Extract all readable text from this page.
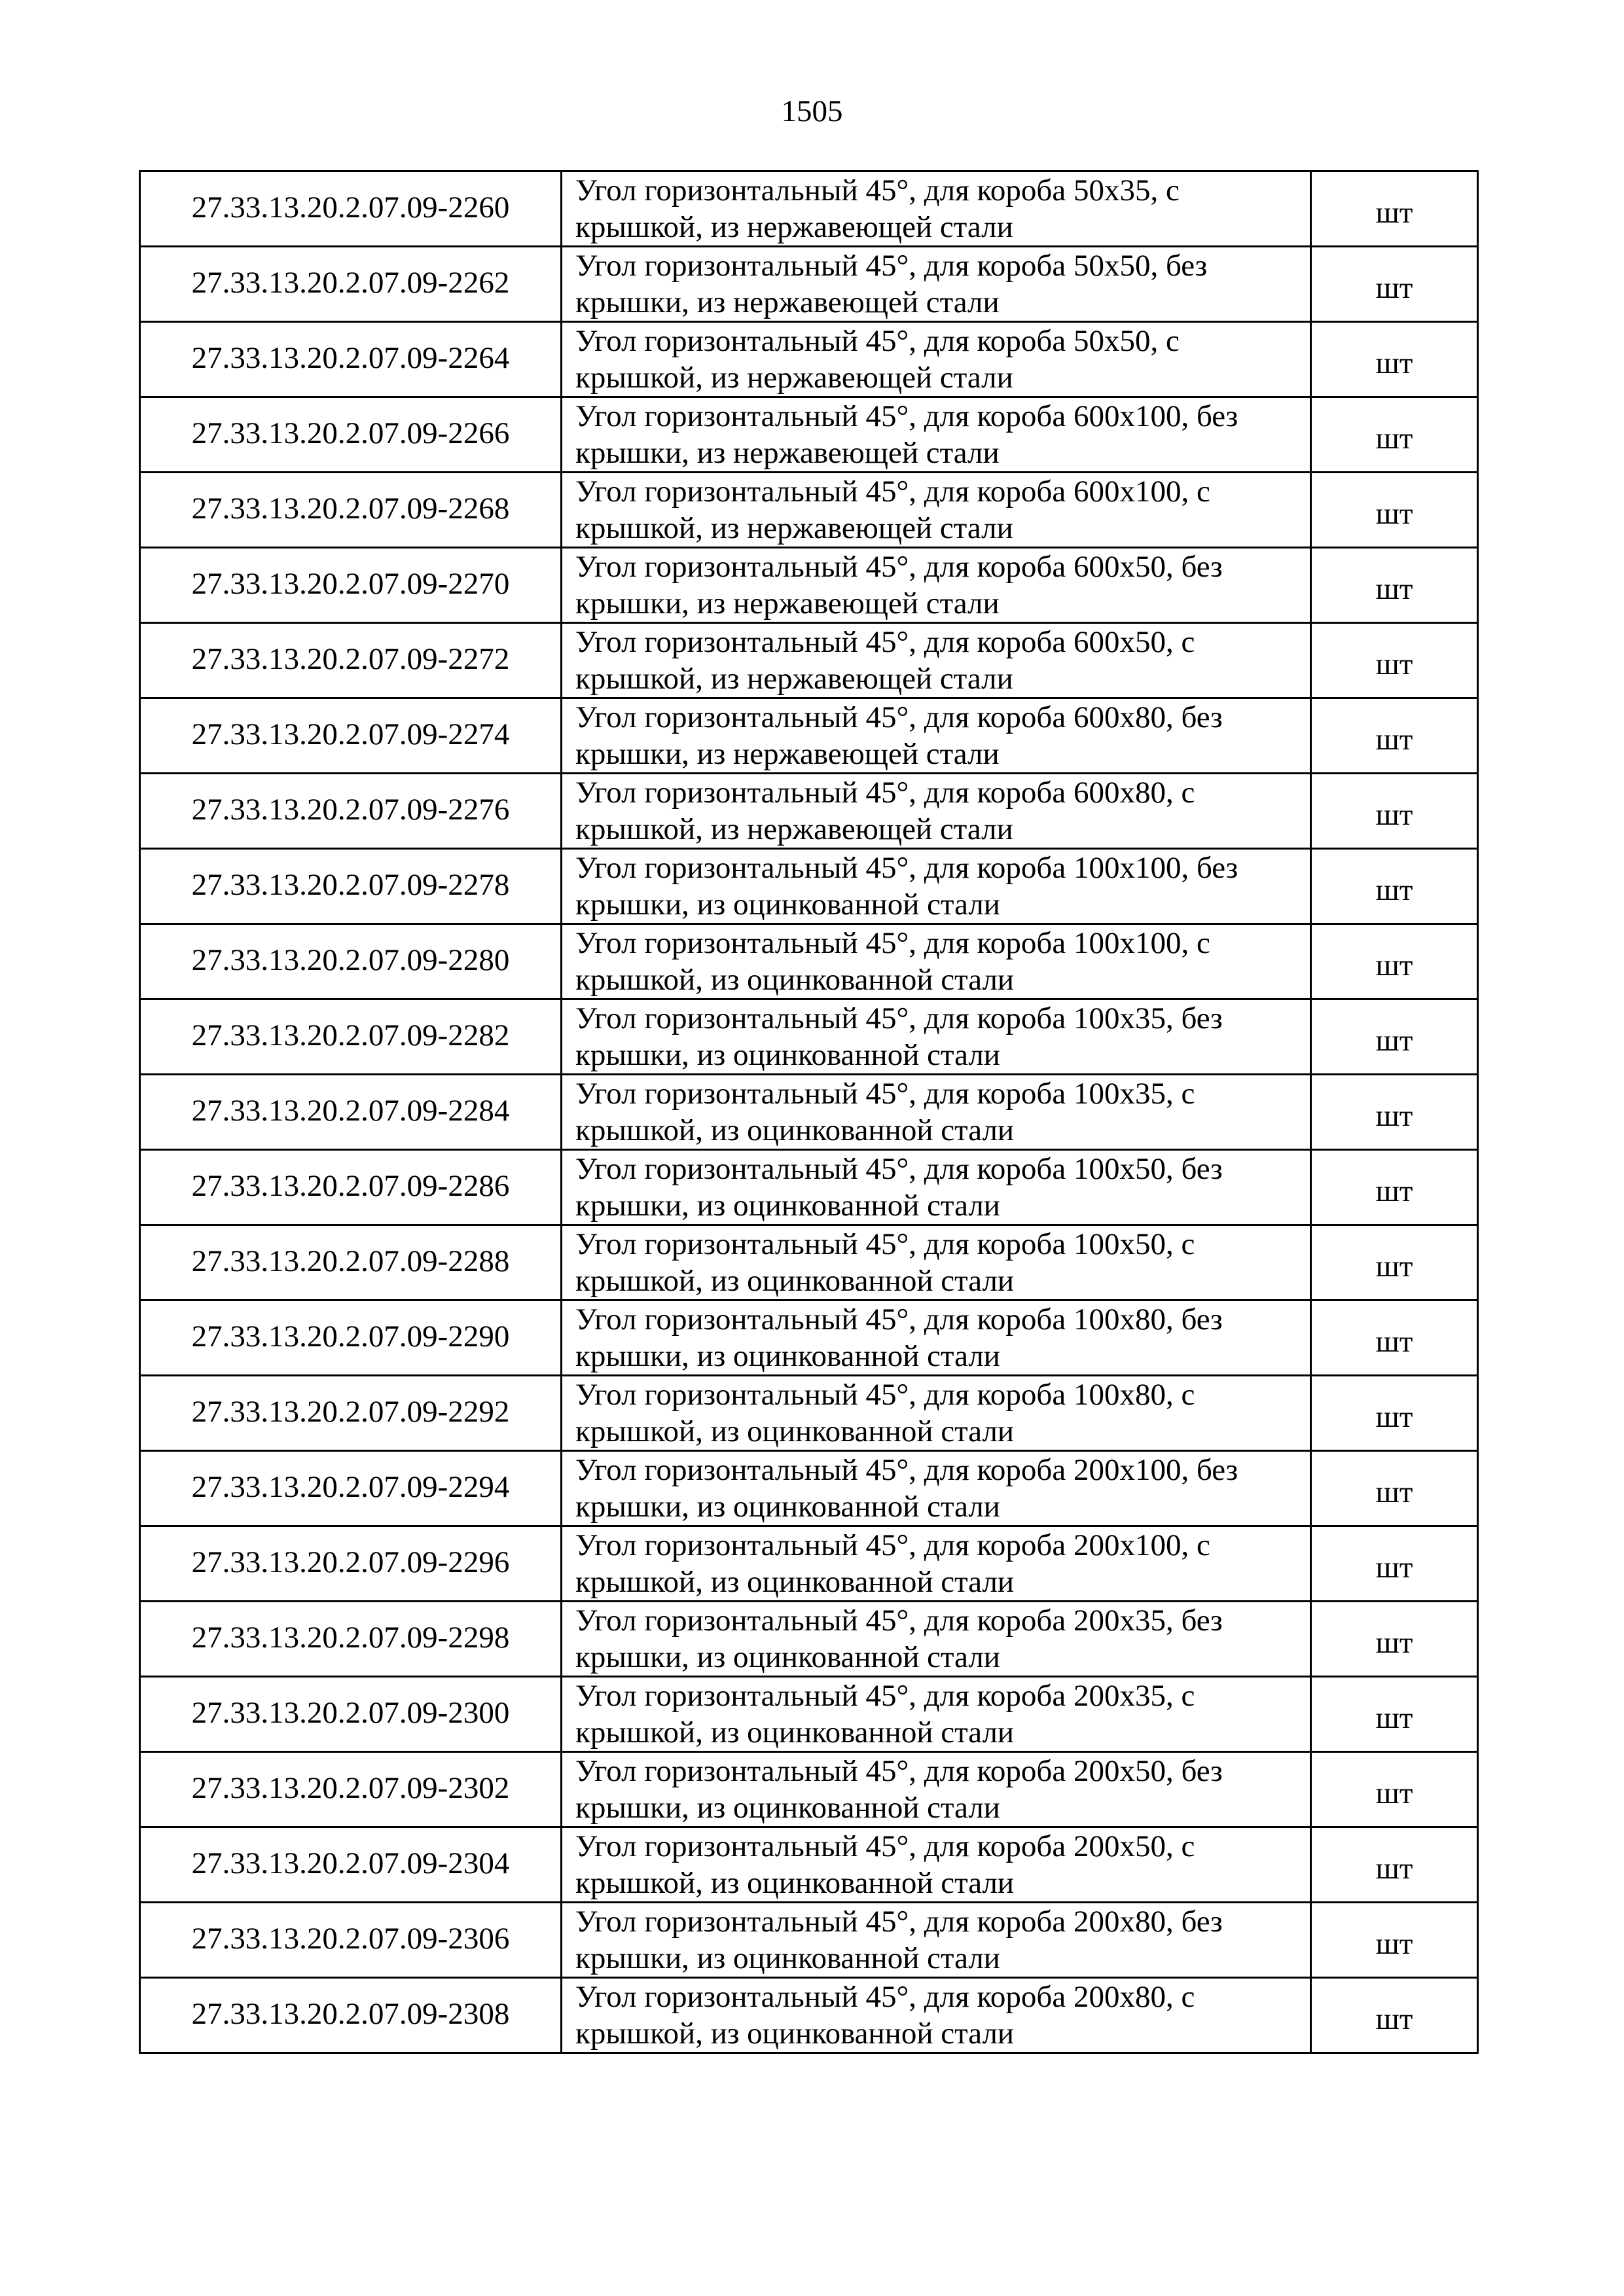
1505
27.33.13.20.2.07.09-2260	Угол горизонтальный 45°, для короба 50х35, с
крышкой, из нержавеющей стали	шт
27.33.13.20.2.07.09-2262	Угол горизонтальный 45°, для короба 50х50, без
крышки, из нержавеющей стали	шт
27.33.13.20.2.07.09-2264	Угол горизонтальный 45°, для короба 50х50, с
крышкой, из нержавеющей стали	шт
27.33.13.20.2.07.09-2266	Угол горизонтальный 45°, для короба 600х100, без
крышки, из нержавеющей стали	шт
27.33.13.20.2.07.09-2268	Угол горизонтальный 45°, для короба 600х100, с
крышкой, из нержавеющей стали	шт
27.33.13.20.2.07.09-2270	Угол горизонтальный 45°, для короба 600х50, без
крышки, из нержавеющей стали	шт
27.33.13.20.2.07.09-2272	Угол горизонтальный 45°, для короба 600х50, с
крышкой, из нержавеющей стали	шт
27.33.13.20.2.07.09-2274	Угол горизонтальный 45°, для короба 600х80, без
крышки, из нержавеющей стали	шт
27.33.13.20.2.07.09-2276	Угол горизонтальный 45°, для короба 600х80, с
крышкой, из нержавеющей стали	шт
27.33.13.20.2.07.09-2278	Угол горизонтальный 45°, для короба 100х100, без
крышки, из оцинкованной стали	шт
27.33.13.20.2.07.09-2280	Угол горизонтальный 45°, для короба 100х100, с
крышкой, из оцинкованной стали	шт
27.33.13.20.2.07.09-2282	Угол горизонтальный 45°, для короба 100х35, без
крышки, из оцинкованной стали	шт
27.33.13.20.2.07.09-2284	Угол горизонтальный 45°, для короба 100х35, с
крышкой, из оцинкованной стали	шт
27.33.13.20.2.07.09-2286	Угол горизонтальный 45°, для короба 100х50, без
крышки, из оцинкованной стали	шт
27.33.13.20.2.07.09-2288	Угол горизонтальный 45°, для короба 100х50, с
крышкой, из оцинкованной стали	шт
27.33.13.20.2.07.09-2290	Угол горизонтальный 45°, для короба 100х80, без
крышки, из оцинкованной стали	шт
27.33.13.20.2.07.09-2292	Угол горизонтальный 45°, для короба 100х80, с
крышкой, из оцинкованной стали	шт
27.33.13.20.2.07.09-2294	Угол горизонтальный 45°, для короба 200х100, без
крышки, из оцинкованной стали	шт
27.33.13.20.2.07.09-2296	Угол горизонтальный 45°, для короба 200х100, с
крышкой, из оцинкованной стали	шт
27.33.13.20.2.07.09-2298	Угол горизонтальный 45°, для короба 200х35, без
крышки, из оцинкованной стали	шт
27.33.13.20.2.07.09-2300	Угол горизонтальный 45°, для короба 200х35, с
крышкой, из оцинкованной стали	шт
27.33.13.20.2.07.09-2302	Угол горизонтальный 45°, для короба 200х50, без
крышки, из оцинкованной стали	шт
27.33.13.20.2.07.09-2304	Угол горизонтальный 45°, для короба 200х50, с
крышкой, из оцинкованной стали	шт
27.33.13.20.2.07.09-2306	Угол горизонтальный 45°, для короба 200х80, без
крышки, из оцинкованной стали	шт
27.33.13.20.2.07.09-2308	Угол горизонтальный 45°, для короба 200х80, с
крышкой, из оцинкованной стали	шт
